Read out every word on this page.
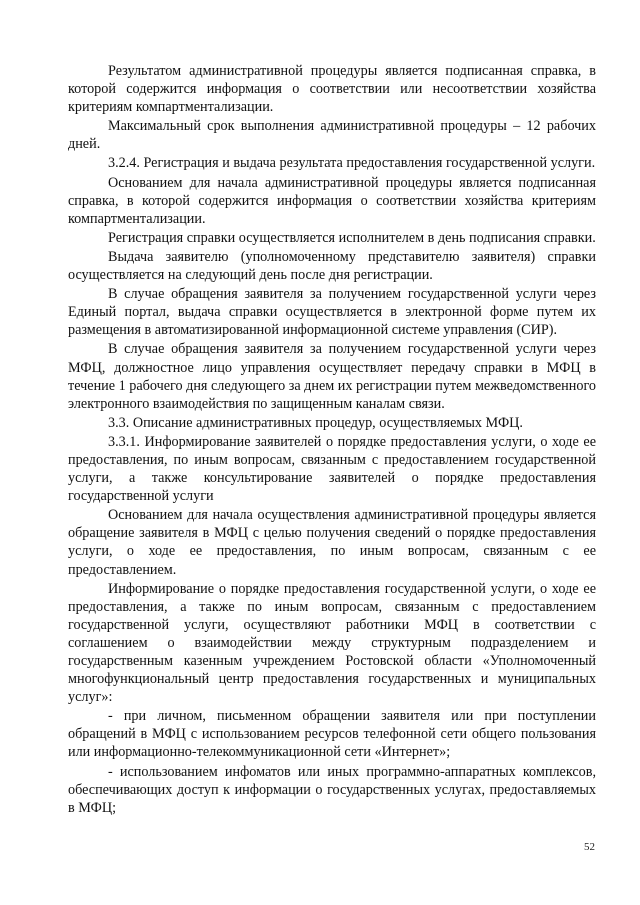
Результатом административной процедуры является подписанная справка, в которой содержится информация о соответствии или несоответствии хозяйства критериям компартментализации.

Максимальный срок выполнения административной процедуры – 12 рабочих дней.

3.2.4. Регистрация и выдача результата предоставления государственной услуги.

Основанием для начала административной процедуры является подписанная справка, в которой содержится информация о соответствии хозяйства критериям компартментализации.

Регистрация справки осуществляется исполнителем в день подписания справки.

Выдача заявителю (уполномоченному представителю заявителя) справки осуществляется на следующий день после дня регистрации.

В случае обращения заявителя за получением государственной услуги через Единый портал, выдача справки осуществляется в электронной форме путем их размещения в автоматизированной информационной системе управления (СИР).

В случае обращения заявителя за получением государственной услуги через МФЦ, должностное лицо управления осуществляет передачу справки в МФЦ в течение 1 рабочего дня следующего за днем их регистрации путем межведомственного электронного взаимодействия по защищенным каналам связи.

3.3. Описание административных процедур, осуществляемых МФЦ.

3.3.1. Информирование заявителей о порядке предоставления услуги, о ходе ее предоставления, по иным вопросам, связанным с предоставлением государственной услуги, а также консультирование заявителей о порядке предоставления государственной услуги

Основанием для начала осуществления административной процедуры является обращение заявителя в МФЦ с целью получения сведений о порядке предоставления услуги, о ходе ее предоставления, по иным вопросам, связанным с ее предоставлением.

Информирование о порядке предоставления государственной услуги, о ходе ее предоставления, а также по иным вопросам, связанным с предоставлением государственной услуги, осуществляют работники МФЦ в соответствии с соглашением о взаимодействии между структурным подразделением и государственным казенным учреждением Ростовской области «Уполномоченный многофункциональный центр предоставления государственных и муниципальных услуг»:

- при личном, письменном обращении заявителя или при поступлении обращений в МФЦ с использованием ресурсов телефонной сети общего пользования или информационно-телекоммуникационной сети «Интернет»;

- использованием инфоматов или иных программно-аппаратных комплексов, обеспечивающих доступ к информации о государственных услугах, предоставляемых в МФЦ;

52
